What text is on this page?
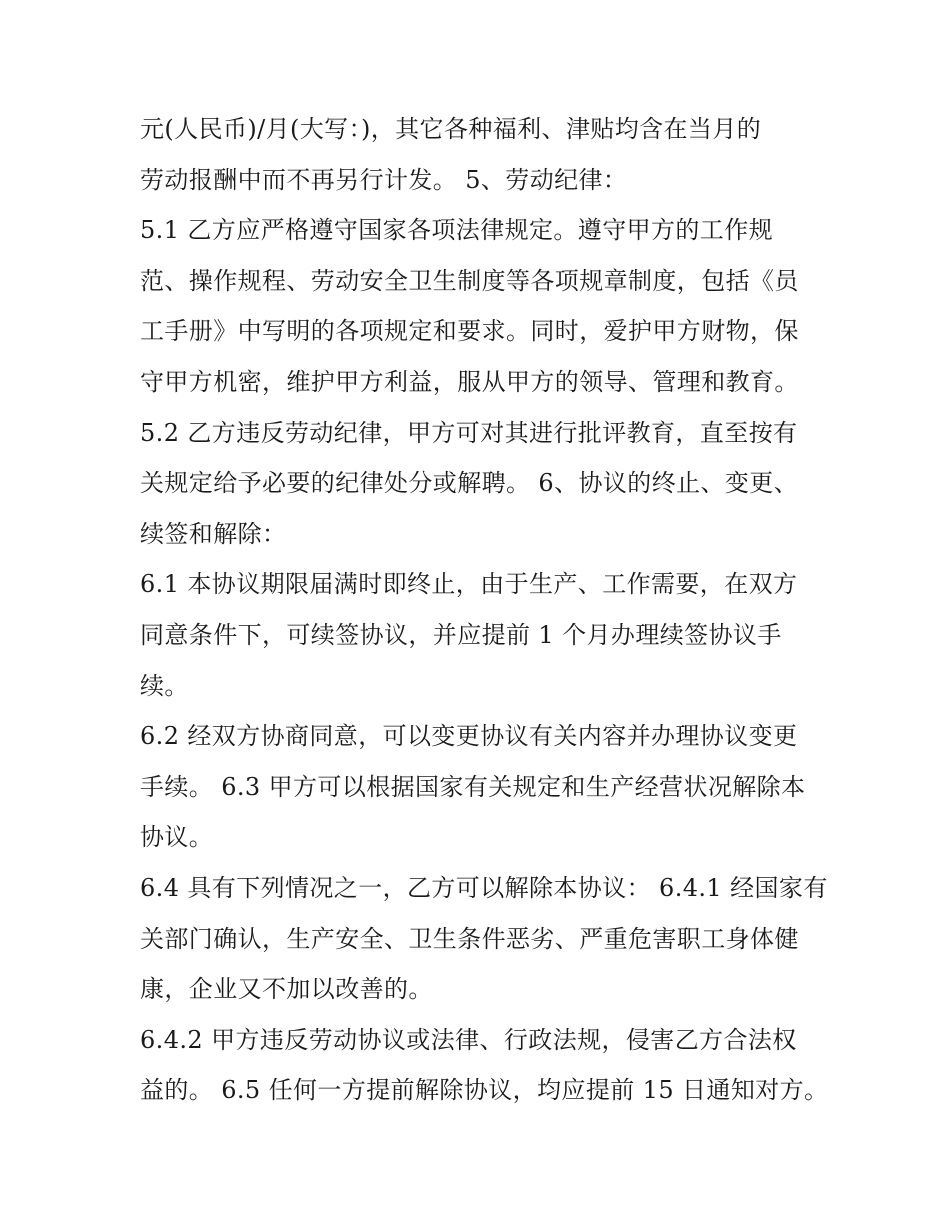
元(人民币)/月(大写：)，其它各种福利、津贴均含在当月的
劳动报酬中而不再另行计发。 5、劳动纪律：
5.1 乙方应严格遵守国家各项法律规定。遵守甲方的工作规
范、操作规程、劳动安全卫生制度等各项规章制度，包括《员
工手册》中写明的各项规定和要求。同时，爱护甲方财物，保
守甲方机密，维护甲方利益，服从甲方的领导、管理和教育。
5.2 乙方违反劳动纪律，甲方可对其进行批评教育，直至按有
关规定给予必要的纪律处分或解聘。 6、协议的终止、变更、
续签和解除：
6.1 本协议期限届满时即终止，由于生产、工作需要，在双方
同意条件下，可续签协议，并应提前 1 个月办理续签协议手
续。
6.2 经双方协商同意，可以变更协议有关内容并办理协议变更
手续。 6.3 甲方可以根据国家有关规定和生产经营状况解除本
协议。
6.4 具有下列情况之一，乙方可以解除本协议： 6.4.1 经国家有
关部门确认，生产安全、卫生条件恶劣、严重危害职工身体健
康，企业又不加以改善的。
6.4.2 甲方违反劳动协议或法律、行政法规，侵害乙方合法权
益的。 6.5 任何一方提前解除协议，均应提前 15 日通知对方。
